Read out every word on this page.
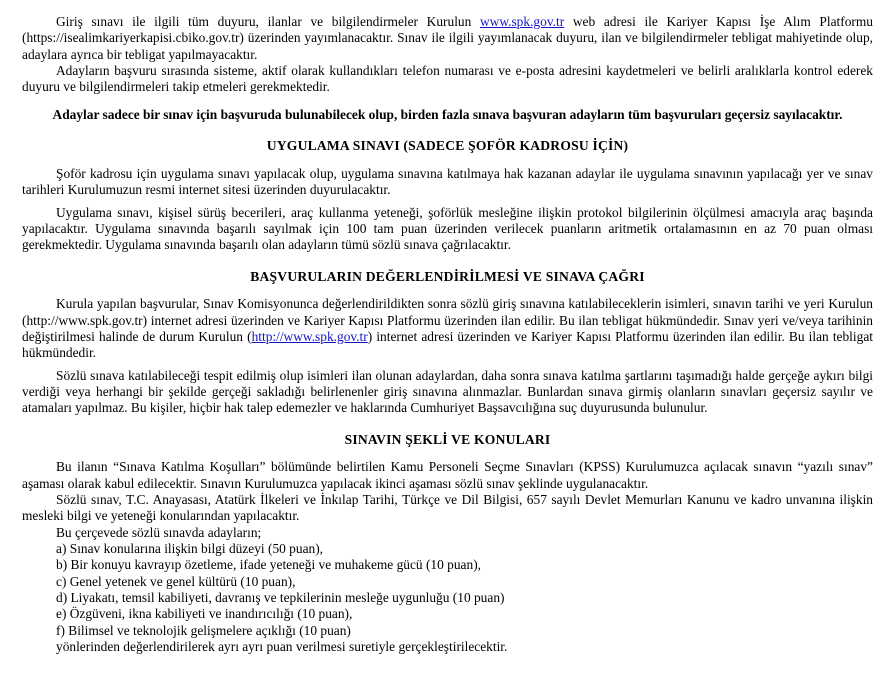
Giriş sınavı ile ilgili tüm duyuru, ilanlar ve bilgilendirmeler Kurulun www.spk.gov.tr web adresi ile Kariyer Kapısı İşe Alım Platformu (https://isealimkariyerkapisi.cbiko.gov.tr) üzerinden yayımlanacaktır. Sınav ile ilgili yayımlanacak duyuru, ilan ve bilgilendirmeler tebligat mahiyetinde olup, adaylara ayrıca bir tebligat yapılmayacaktır.

Adayların başvuru sırasında sisteme, aktif olarak kullandıkları telefon numarası ve e-posta adresini kaydetmeleri ve belirli aralıklarla kontrol ederek duyuru ve bilgilendirmeleri takip etmeleri gerekmektedir.

Adaylar sadece bir sınav için başvuruda bulunabilecek olup, birden fazla sınava başvuran adayların tüm başvuruları geçersiz sayılacaktır.

UYGULAMA SINAVI (SADECE ŞOFÖR KADROSU İÇİN)

Şoför kadrosu için uygulama sınavı yapılacak olup, uygulama sınavına katılmaya hak kazanan adaylar ile uygulama sınavının yapılacağı yer ve sınav tarihleri Kurulumuzun resmi internet sitesi üzerinden duyurulacaktır.

Uygulama sınavı, kişisel sürüş becerileri, araç kullanma yeteneği, şoförlük mesleğine ilişkin protokol bilgilerinin ölçülmesi amacıyla araç başında yapılacaktır. Uygulama sınavında başarılı sayılmak için 100 tam puan üzerinden verilecek puanların aritmetik ortalamasının en az 70 puan olması gerekmektedir. Uygulama sınavında başarılı olan adayların tümü sözlü sınava çağrılacaktır.

BAŞVURULARIN DEĞERLENDİRİLMESİ VE SINAVA ÇAĞRI

Kurula yapılan başvurular, Sınav Komisyonunca değerlendirildikten sonra sözlü giriş sınavına katılabileceklerin isimleri, sınavın tarihi ve yeri Kurulun (http://www.spk.gov.tr) internet adresi üzerinden ve Kariyer Kapısı Platformu üzerinden ilan edilir. Bu ilan tebligat hükmündedir. Sınav yeri ve/veya tarihinin değiştirilmesi halinde de durum Kurulun (http://www.spk.gov.tr) internet adresi üzerinden ve Kariyer Kapısı Platformu üzerinden ilan edilir. Bu ilan tebligat hükmündedir.

Sözlü sınava katılabileceği tespit edilmiş olup isimleri ilan olunan adaylardan, daha sonra sınava katılma şartlarını taşımadığı halde gerçeğe aykırı bilgi verdiği veya herhangi bir şekilde gerçeği sakladığı belirlenenler giriş sınavına alınmazlar. Bunlardan sınava girmiş olanların sınavları geçersiz sayılır ve atamaları yapılmaz. Bu kişiler, hiçbir hak talep edemezler ve haklarında Cumhuriyet Başsavcılığına suç duyurusunda bulunulur.

SINAVIN ŞEKLİ VE KONULARI

Bu ilanın “Sınava Katılma Koşulları” bölümünde belirtilen Kamu Personeli Seçme Sınavları (KPSS) Kurulumuzca açılacak sınavın “yazılı sınav” aşaması olarak kabul edilecektir. Sınavın Kurulumuzca yapılacak ikinci aşaması sözlü sınav şeklinde uygulanacaktır.

Sözlü sınav, T.C. Anayasası, Atatürk İlkeleri ve İnkılap Tarihi, Türkçe ve Dil Bilgisi, 657 sayılı Devlet Memurları Kanunu ve kadro unvanına ilişkin mesleki bilgi ve yeteneği konularından yapılacaktır.

Bu çerçevede sözlü sınavda adayların;

a) Sınav konularına ilişkin bilgi düzeyi (50 puan),

b) Bir konuyu kavrayıp özetleme, ifade yeteneği ve muhakeme gücü (10 puan),

c) Genel yetenek ve genel kültürü (10 puan),

d) Liyakatı, temsil kabiliyeti, davranış ve tepkilerinin mesleğe uygunluğu (10 puan)

e) Özgüveni, ikna kabiliyeti ve inandırıcılığı (10 puan),

f) Bilimsel ve teknolojik gelişmelere açıklığı (10 puan)

yönlerinden değerlendirilerek ayrı ayrı puan verilmesi suretiyle gerçekleştirilecektir.
